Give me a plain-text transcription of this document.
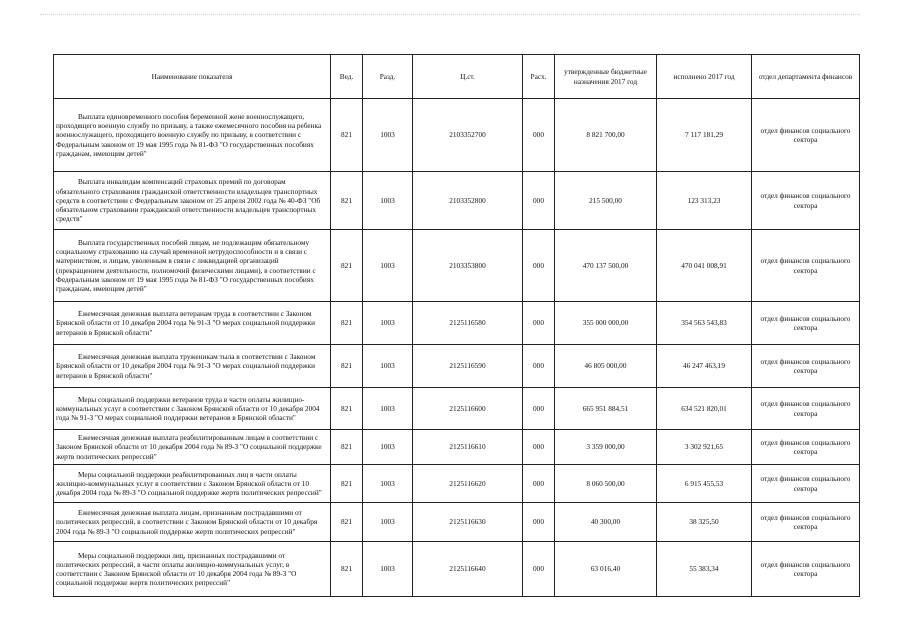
Наименование показателя	Вед.	Разд.	Ц.ст.	Расх.	утвержденные бюджетные назначения 2017 год	исполнено 2017 год	отдел департамента финансов
Выплата единовременного пособия беременной жене военнослужащего, проходящего военную службу по призыву, а также ежемесячного пособия на ребенка военнослужащего, проходящего военную службу по призыву, в соответствии с Федеральным законом от 19 мая 1995 года № 81-ФЗ "О государственных пособиях гражданам, имеющим детей"	821	1003	2103352700	000	8 821 700,00	7 117 181,29	отдел финансов социального сектора
Выплата инвалидам компенсаций страховых премий по договорам обязательного страхования гражданской ответственности владельцев транспортных средств в соответствии с Федеральным законом от 25 апреля 2002 года № 40-ФЗ "Об обязательном страховании гражданской ответственности владельцев транспортных средств"	821	1003	2103352800	000	215 500,00	123 313,23	отдел финансов социального сектора
Выплата государственных пособий лицам, не подлежащим обязательному социальному страхованию на случай временной нетрудоспособности и в связи с материнством, и лицам, уволенным в связи с ликвидацией организаций (прекращением деятельности, полномочий физическими лицами), в соответствии с Федеральным законом от 19 мая 1995 года № 81-ФЗ "О государственных пособиях гражданам, имеющим детей"	821	1003	2103353800	000	470 137 500,00	470 041 008,91	отдел финансов социального сектора
Ежемесячная денежная выплата ветеранам труда в соответствии с Законом Брянской области от 10 декабря 2004 года № 91-З "О мерах социальной поддержки ветеранов в Брянской области"	821	1003	2125116580	000	355 000 000,00	354 563 543,83	отдел финансов социального сектора
Ежемесячная денежная выплата труженикам тыла в соответствии с Законом Брянской области от 10 декабря 2004 года № 91-З "О мерах социальной поддержки ветеранов в Брянской области"	821	1003	2125116590	000	46 805 000,00	46 247 463,19	отдел финансов социального сектора
Меры социальной поддержки ветеранов труда в части оплаты жилищно-коммунальных услуг в соответствии с Законом Брянской области от 10 декабря 2004 года № 91-З "О мерах социальной поддержки ветеранов в Брянской области"	821	1003	2125116600	000	665 951 884,51	634 521 820,01	отдел финансов социального сектора
Ежемесячная денежная выплата реабилитированным лицам в соответствии с Законом Брянской области от 10 декабря 2004 года № 89-З "О социальной поддержке жертв политических репрессий"	821	1003	2125116610	000	3 359 000,00	3 302 921,65	отдел финансов социального сектора
Меры социальной поддержки реабилитированных лиц в части оплаты жилищно-коммунальных услуг в соответствии с Законом Брянской области от 10 декабря 2004 года № 89-З "О социальной поддержке жертв политических репрессий"	821	1003	2125116620	000	8 060 500,00	6 915 455,53	отдел финансов социального сектора
Ежемесячная денежная выплата лицам, признанным пострадавшими от политических репрессий, в соответствии с Законом Брянской области от 10 декабря 2004 года № 89-З "О социальной поддержке жертв политических репрессий"	821	1003	2125116630	000	40 300,00	38 325,50	отдел финансов социального сектора
Меры социальной поддержки лиц, признанных пострадавшими от политических репрессий, в части оплаты жилищно-коммунальных услуг, в соответствии с Законом Брянской области от 10 декабря 2004 года № 89-З "О социальной поддержке жертв политических репрессий"	821	1003	2125116640	000	63 016,40	55 383,34	отдел финансов социального сектора
